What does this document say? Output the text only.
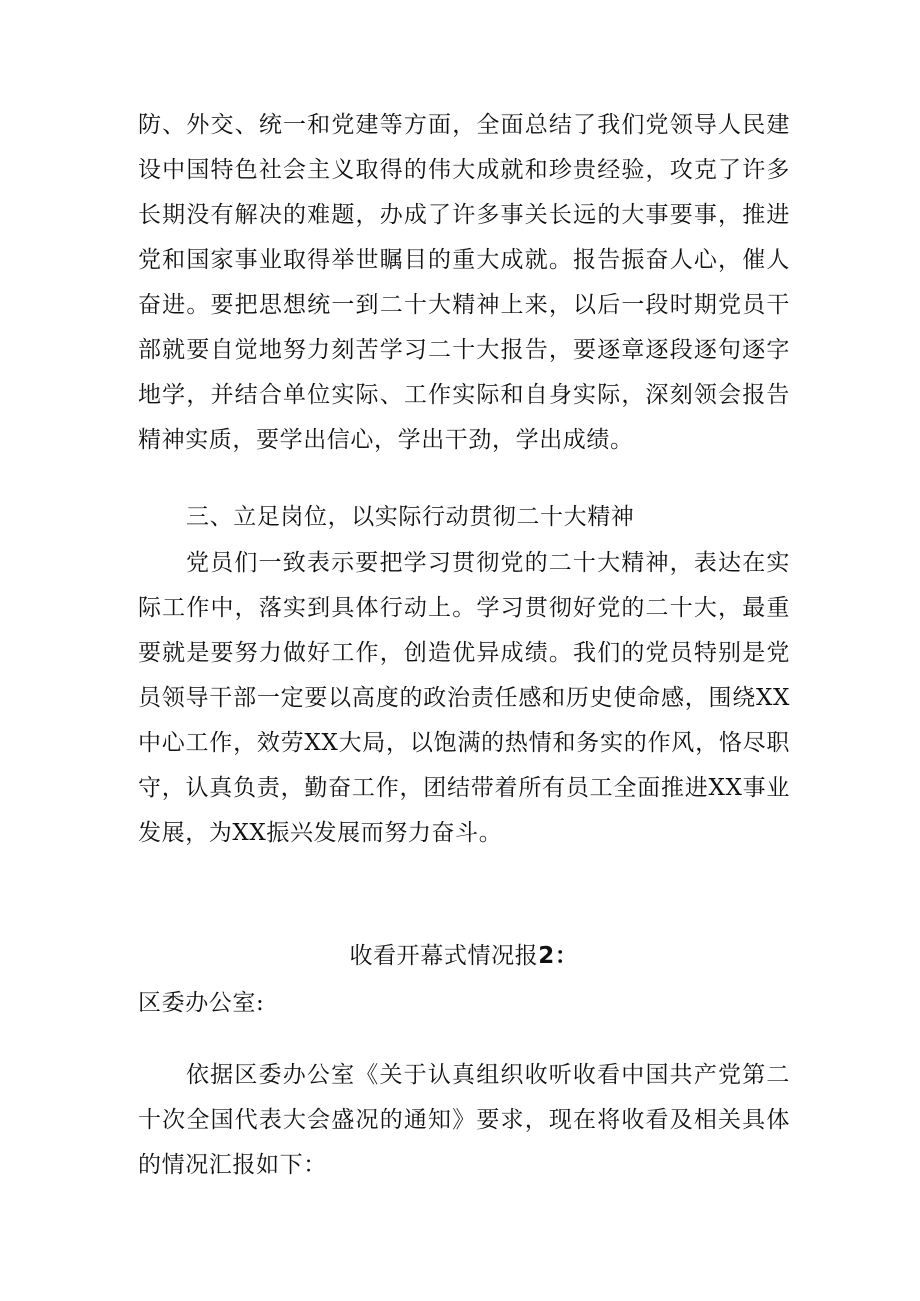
防、外交、统一和党建等方面，全面总结了我们党领导人民建设中国特色社会主义取得的伟大成就和珍贵经验，攻克了许多长期没有解决的难题，办成了许多事关长远的大事要事，推进党和国家事业取得举世瞩目的重大成就。报告振奋人心，催人奋进。要把思想统一到二十大精神上来，以后一段时期党员干部就要自觉地努力刻苦学习二十大报告，要逐章逐段逐句逐字地学，并结合单位实际、工作实际和自身实际，深刻领会报告精神实质，要学出信心，学出干劲，学出成绩。

三、立足岗位，以实际行动贯彻二十大精神

党员们一致表示要把学习贯彻党的二十大精神，表达在实际工作中，落实到具体行动上。学习贯彻好党的二十大，最重要就是要努力做好工作，创造优异成绩。我们的党员特别是党员领导干部一定要以高度的政治责任感和历史使命感，围绕XX中心工作，效劳XX大局，以饱满的热情和务实的作风，恪尽职守，认真负责，勤奋工作，团结带着所有员工全面推进XX事业发展，为XX振兴发展而努力奋斗。

收看开幕式情况报2：

区委办公室:

依据区委办公室《关于认真组织收听收看中国共产党第二十次全国代表大会盛况的通知》要求，现在将收看及相关具体的情况汇报如下：
